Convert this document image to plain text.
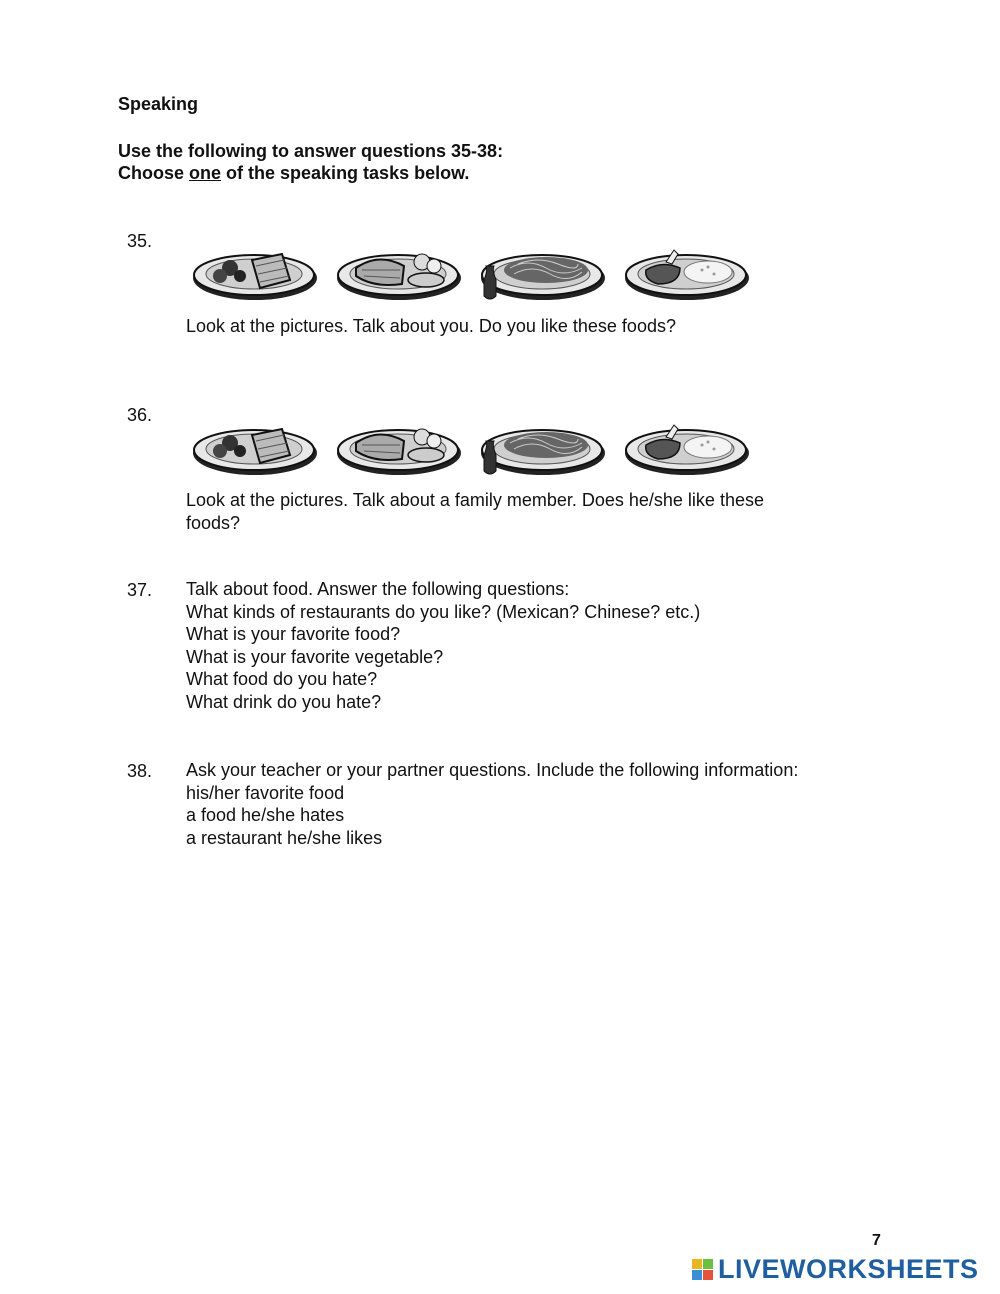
Speaking
Use the following to answer questions 35-38:
Choose one of the speaking tasks below.
35.
Look at the pictures. Talk about you. Do you like these foods?
36.
Look at the pictures. Talk about a family member. Does he/she like these
foods?
37. Talk about food. Answer the following questions:
What kinds of restaurants do you like? (Mexican? Chinese? etc.)
What is your favorite food?
What is your favorite vegetable?
What food do you hate?
What drink do you hate?
38. Ask your teacher or your partner questions. Include the following information:
his/her favorite food
a food he/she hates
a restaurant he/she likes
7
LIVEWORKSHEETS
